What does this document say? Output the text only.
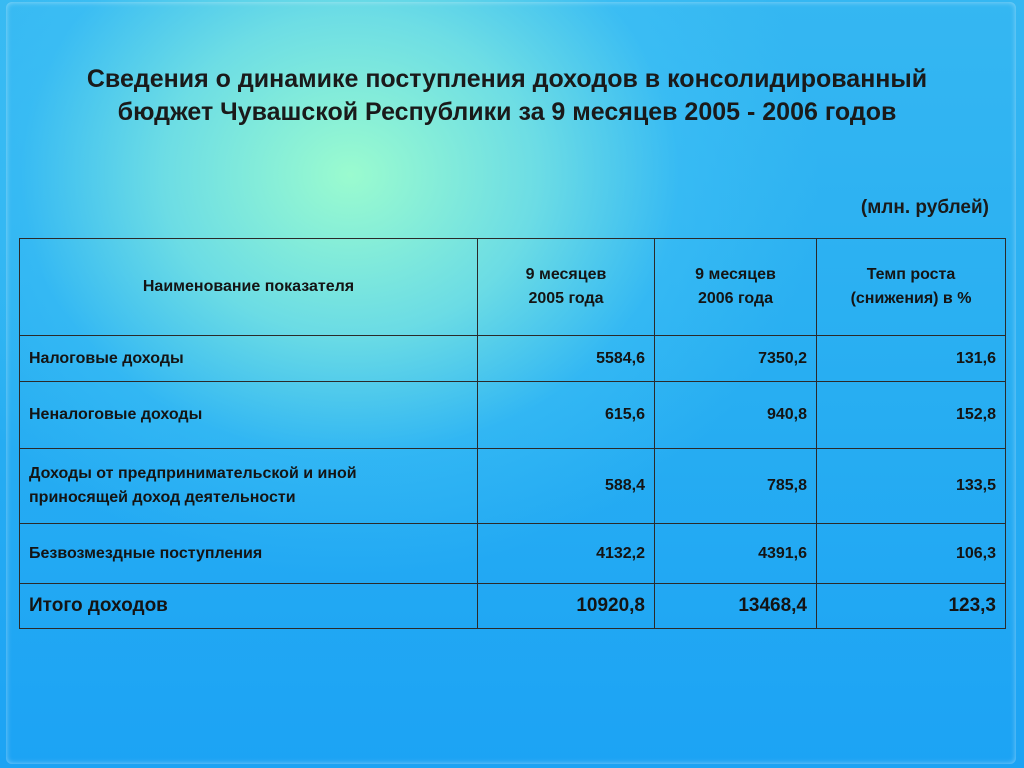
Сведения о динамике поступления доходов в консолидированный бюджет Чувашской Республики за 9 месяцев 2005 - 2006 годов
(млн. рублей)
Наименование показателя	9 месяцев 2005 года	9 месяцев 2006 года	Темп роста (снижения) в %
Налоговые доходы	5584,6	7350,2	131,6
Неналоговые доходы	615,6	940,8	152,8
Доходы от предпринимательской и иной приносящей доход деятельности	588,4	785,8	133,5
Безвозмездные поступления	4132,2	4391,6	106,3
Итого доходов	10920,8	13468,4	123,3
